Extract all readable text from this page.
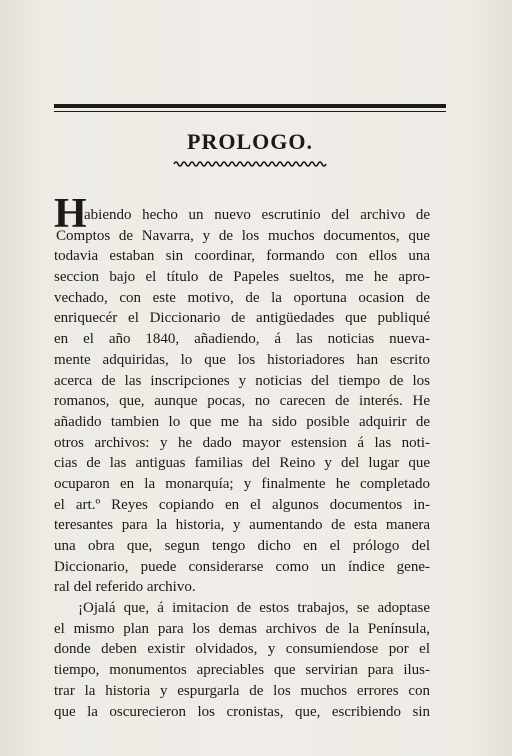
PROLOGO.
H
abiendo hecho un nuevo escrutinio del archivo de
Comptos de Navarra, y de los muchos documentos, que
todavia estaban sin coordinar, formando con ellos una
seccion bajo el título de Papeles sueltos, me he apro-
vechado, con este motivo, de la oportuna ocasion de
enriquecér el Diccionario de antigüedades que publiqué
en el año 1840, añadiendo, á las noticias nueva-
mente adquiridas, lo que los historiadores han escrito
acerca de las inscripciones y noticias del tiempo de los
romanos, que, aunque pocas, no carecen de interés. He
añadido tambien lo que me ha sido posible adquirir de
otros archivos: y he dado mayor estension á las noti-
cias de las antiguas familias del Reino y del lugar que
ocuparon en la monarquía; y finalmente he completado
el art.º Reyes copiando en el algunos documentos in-
teresantes para la historia, y aumentando de esta manera
una obra que, segun tengo dicho en el prólogo del
Diccionario, puede considerarse como un índice gene-
ral del referido archivo.
¡Ojalá que, á imitacion de estos trabajos, se adoptase
el mismo plan para los demas archivos de la Península,
donde deben existir olvidados, y consumiendose por el
tiempo, monumentos apreciables que servirian para ilus-
trar la historia y espurgarla de los muchos errores con
que la oscurecieron los cronistas, que, escribiendo sin
